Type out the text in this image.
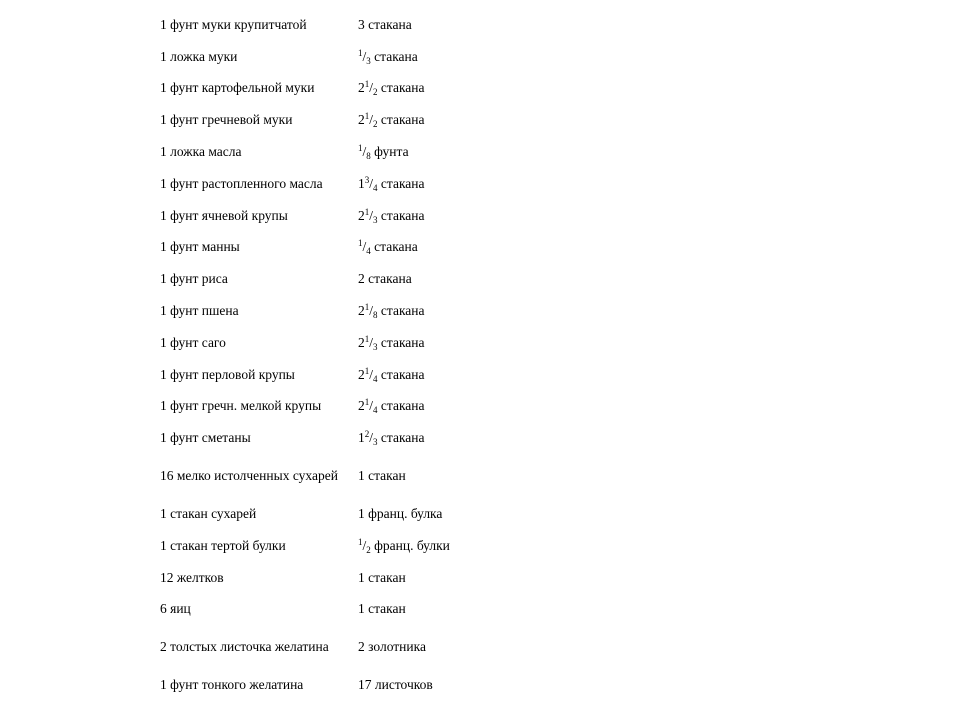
1 фунт муки крупитчатой	3 стакана
1 ложка муки	$^1/_3$ стакана
1 фунт картофельной муки	$2^1/_2$ стакана
1 фунт гречневой муки	$2^1/_2$ стакана
1 ложка масла	$^1/_8$ фунта
1 фунт растопленного масла	$1^3/_4$ стакана
1 фунт ячневой крупы	$2^1/_3$ стакана
1 фунт манны	$^1/_4$ стакана
1 фунт риса	2 стакана
1 фунт пшена	$2^1/_8$ стакана
1 фунт саго	$2^1/_3$ стакана
1 фунт перловой крупы	$2^1/_4$ стакана
1 фунт гречн. мелкой крупы	$2^1/_4$ стакана
1 фунт сметаны	$1^2/_3$ стакана
16 мелко истолченных сухарей	1 стакан
1 стакан сухарей	1 франц. булка
1 стакан тертой булки	$^1/_2$ франц. булки
12 желтков	1 стакан
6 яиц	1 стакан
2 толстых листочка желатина	2 золотника
1 фунт тонкого желатина	17 листочков
